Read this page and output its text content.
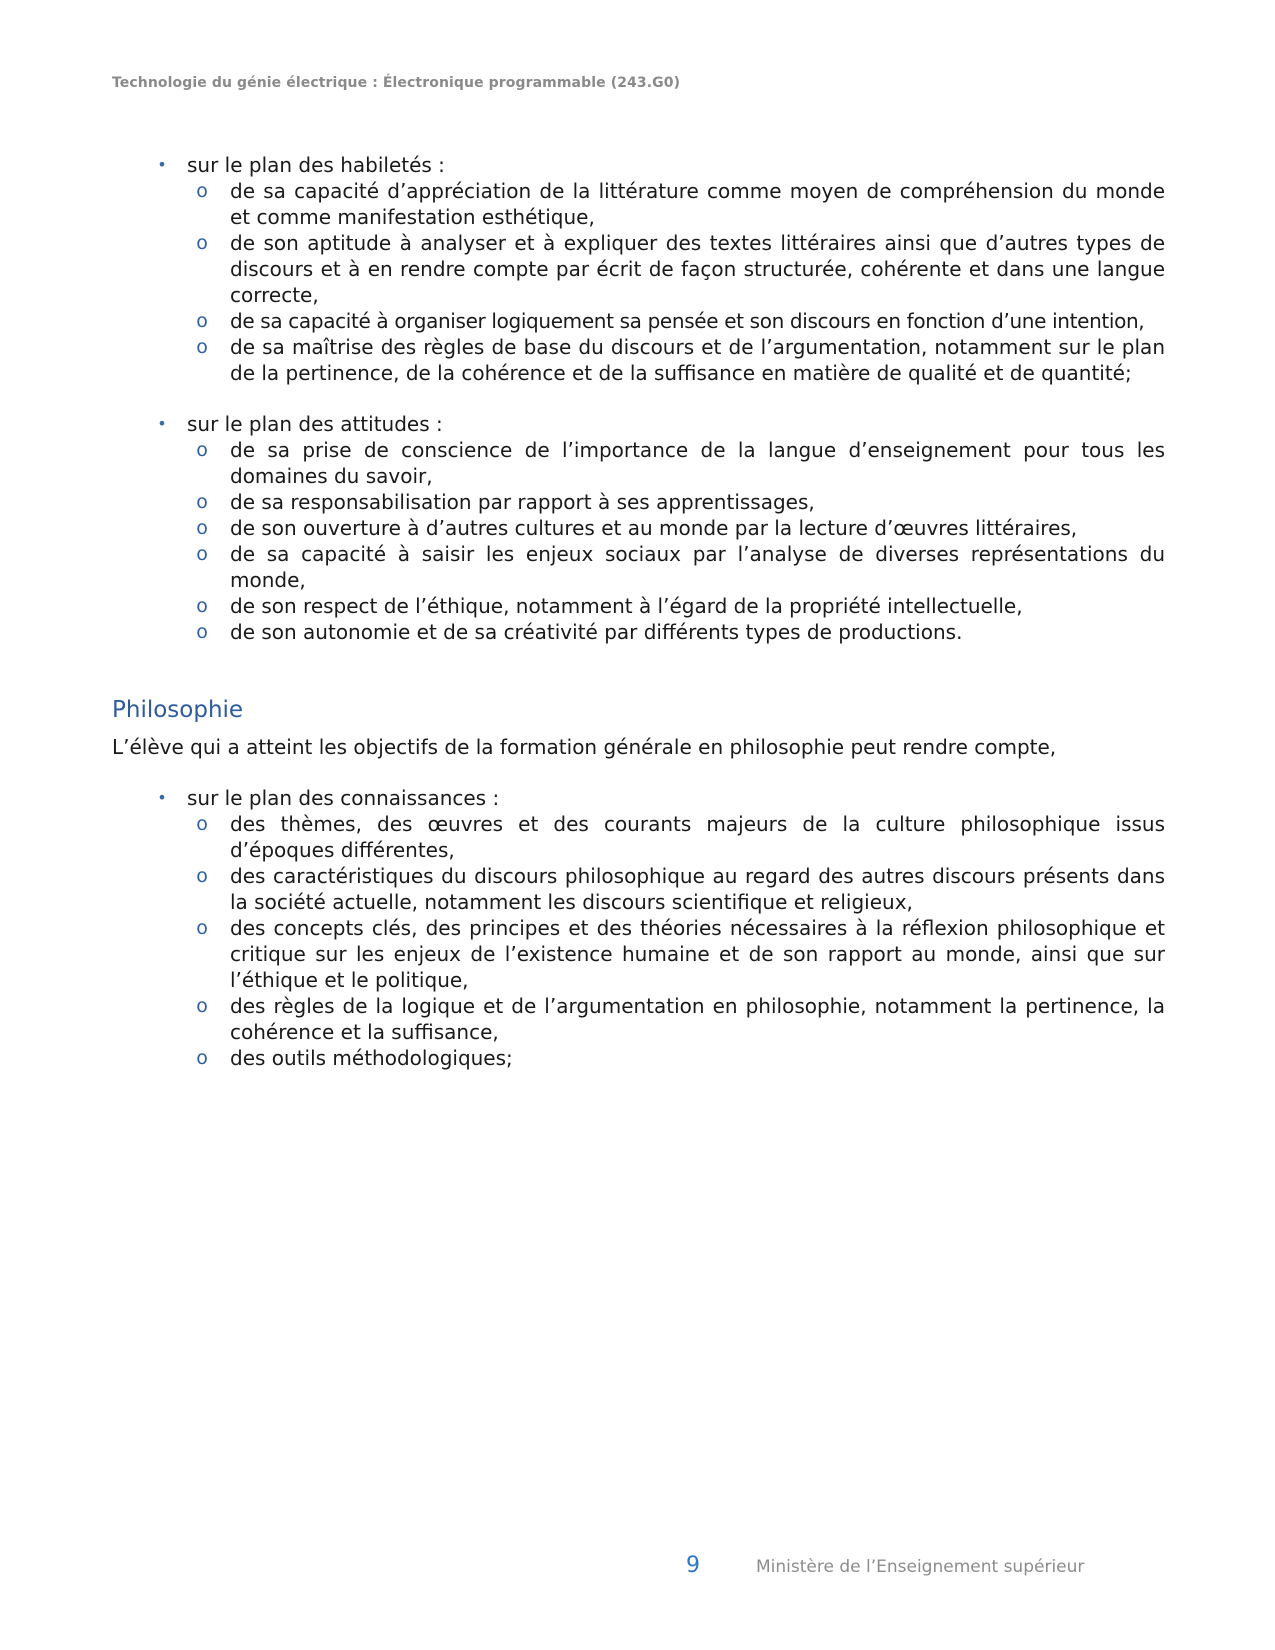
Technologie du génie électrique : Électronique programmable (243.G0)
• sur le plan des habiletés :
o de sa capacité d’appréciation de la littérature comme moyen de compréhension du monde et comme manifestation esthétique,
o de son aptitude à analyser et à expliquer des textes littéraires ainsi que d’autres types de discours et à en rendre compte par écrit de façon structurée, cohérente et dans une langue correcte,
o de sa capacité à organiser logiquement sa pensée et son discours en fonction d’une intention,
o de sa maîtrise des règles de base du discours et de l’argumentation, notamment sur le plan de la pertinence, de la cohérence et de la suffisance en matière de qualité et de quantité;
• sur le plan des attitudes :
o de sa prise de conscience de l’importance de la langue d’enseignement pour tous les domaines du savoir,
o de sa responsabilisation par rapport à ses apprentissages,
o de son ouverture à d’autres cultures et au monde par la lecture d’œuvres littéraires,
o de sa capacité à saisir les enjeux sociaux par l’analyse de diverses représentations du monde,
o de son respect de l’éthique, notamment à l’égard de la propriété intellectuelle,
o de son autonomie et de sa créativité par différents types de productions.
Philosophie
L’élève qui a atteint les objectifs de la formation générale en philosophie peut rendre compte,
• sur le plan des connaissances :
o des thèmes, des œuvres et des courants majeurs de la culture philosophique issus d’époques différentes,
o des caractéristiques du discours philosophique au regard des autres discours présents dans la société actuelle, notamment les discours scientifique et religieux,
o des concepts clés, des principes et des théories nécessaires à la réflexion philosophique et critique sur les enjeux de l’existence humaine et de son rapport au monde, ainsi que sur l’éthique et le politique,
o des règles de la logique et de l’argumentation en philosophie, notamment la pertinence, la cohérence et la suffisance,
o des outils méthodologiques;
9	Ministère de l’Enseignement supérieur
